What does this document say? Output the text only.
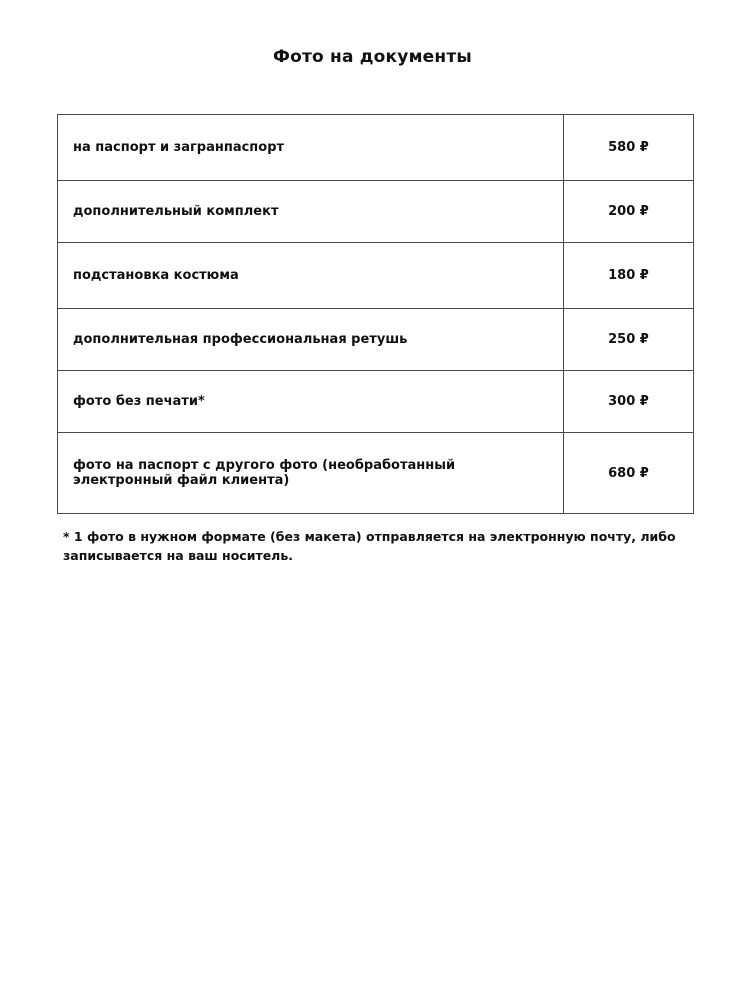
Фото на документы
на паспорт и загранпаспорт	580 ₽
дополнительный комплект	200 ₽
подстановка костюма	180 ₽
дополнительная профессиональная ретушь	250 ₽
фото без печати*	300 ₽
фото на паспорт с другого фото (необработанный электронный файл клиента)	680 ₽
* 1 фото в нужном формате (без макета) отправляется на электронную почту, либо записывается на ваш носитель.
